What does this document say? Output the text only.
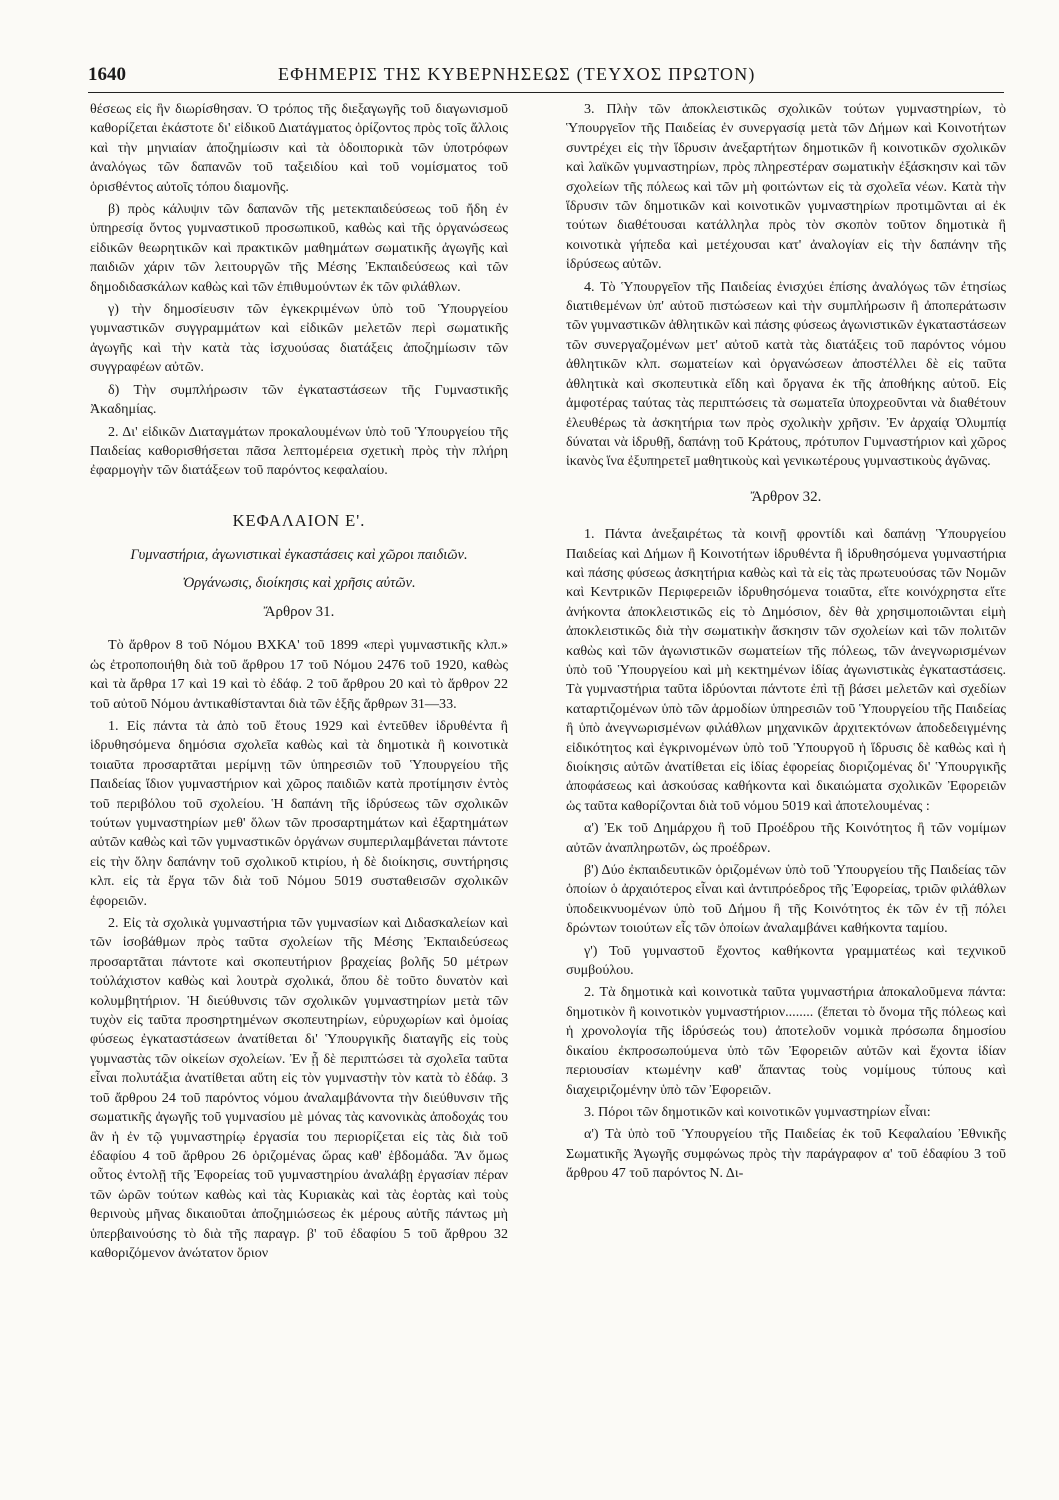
1640	ΕΦΗΜΕΡΙΣ ΤΗΣ ΚΥΒΕΡΝΗΣΕΩΣ (ΤΕΥΧΟΣ ΠΡΩΤΟΝ)

θέσεως εἰς ἣν διωρίσθησαν. Ὁ τρόπος τῆς διεξαγωγῆς τοῦ διαγωνισμοῦ καθορίζεται ἑκάστοτε δι' εἰδικοῦ Διατάγματος ὁρίζοντος πρὸς τοῖς ἄλλοις καὶ τὴν μηνιαίαν ἀποζημίωσιν καὶ τὰ ὁδοιπορικὰ τῶν ὑποτρόφων ἀναλόγως τῶν δαπανῶν τοῦ ταξειδίου καὶ τοῦ νομίσματος τοῦ ὁρισθέντος αὐτοῖς τόπου διαμονῆς.

β) πρὸς κάλυψιν τῶν δαπανῶν τῆς μετεκπαιδεύσεως τοῦ ἤδη ἐν ὑπηρεσίᾳ ὄντος γυμναστικοῦ προσωπικοῦ, καθὼς καὶ τῆς ὀργανώσεως εἰδικῶν θεωρητικῶν καὶ πρακτικῶν μαθημάτων σωματικῆς ἀγωγῆς καὶ παιδιῶν χάριν τῶν λειτουργῶν τῆς Μέσης Ἐκπαιδεύσεως καὶ τῶν δημοδιδασκάλων καθὼς καὶ τῶν ἐπιθυμούντων ἐκ τῶν φιλάθλων.

γ) τὴν δημοσίευσιν τῶν ἐγκεκριμένων ὑπὸ τοῦ Ὑπουργείου γυμναστικῶν συγγραμμάτων καὶ εἰδικῶν μελετῶν περὶ σωματικῆς ἀγωγῆς καὶ τὴν κατὰ τὰς ἰσχυούσας διατάξεις ἀποζημίωσιν τῶν συγγραφέων αὐτῶν.

δ) Τὴν συμπλήρωσιν τῶν ἐγκαταστάσεων τῆς Γυμναστικῆς Ἀκαδημίας.

2. Δι' εἰδικῶν Διαταγμάτων προκαλουμένων ὑπὸ τοῦ Ὑπουργείου τῆς Παιδείας καθορισθήσεται πᾶσα λεπτομέρεια σχετικὴ πρὸς τὴν πλήρη ἐφαρμογὴν τῶν διατάξεων τοῦ παρόντος κεφαλαίου.

ΚΕΦΑΛΑΙΟΝ Ε'.
Γυμναστήρια, ἀγωνιστικαὶ ἐγκαστάσεις καὶ χῶροι παιδιῶν.
Ὀργάνωσις, διοίκησις καὶ χρῆσις αὐτῶν.
Ἄρθρον 31.

Τὸ ἄρθρον 8 τοῦ Νόμου ΒΧΚΑ' τοῦ 1899 «περὶ γυμναστικῆς κλπ.» ὡς ἐτροποποιήθη διὰ τοῦ ἄρθρου 17 τοῦ Νόμου 2476 τοῦ 1920, καθὼς καὶ τὰ ἄρθρα 17 καὶ 19 καὶ τὸ ἐδάφ. 2 τοῦ ἄρθρου 20 καὶ τὸ ἄρθρον 22 τοῦ αὐτοῦ Νόμου ἀντικαθίστανται διὰ τῶν ἑξῆς ἄρθρων 31—33.

1. Εἰς πάντα τὰ ἀπὸ τοῦ ἔτους 1929 καὶ ἐντεῦθεν ἱδρυθέντα ἢ ἱδρυθησόμενα δημόσια σχολεῖα καθὼς καὶ τὰ δημοτικὰ ἢ κοινοτικὰ τοιαῦτα προσαρτᾶται μερίμνῃ τῶν ὑπηρεσιῶν τοῦ Ὑπουργείου τῆς Παιδείας ἴδιον γυμναστήριον καὶ χῶρος παιδιῶν κατὰ προτίμησιν ἐντὸς τοῦ περιβόλου τοῦ σχολείου. Ἡ δαπάνη τῆς ἱδρύσεως τῶν σχολικῶν τούτων γυμναστηρίων μεθ' ὅλων τῶν προσαρτημάτων καὶ ἐξαρτημάτων αὐτῶν καθὼς καὶ τῶν γυμναστικῶν ὀργάνων συμπεριλαμβάνεται πάντοτε εἰς τὴν ὅλην δαπάνην τοῦ σχολικοῦ κτιρίου, ἡ δὲ διοίκησις, συντήρησις κλπ. εἰς τὰ ἔργα τῶν διὰ τοῦ Νόμου 5019 συσταθεισῶν σχολικῶν ἐφορειῶν.

2. Εἰς τὰ σχολικὰ γυμναστήρια τῶν γυμνασίων καὶ Διδασκαλείων καὶ τῶν ἰσοβάθμων πρὸς ταῦτα σχολείων τῆς Μέσης Ἐκπαιδεύσεως προσαρτᾶται πάντοτε καὶ σκοπευτήριον βραχείας βολῆς 50 μέτρων τοὐλάχιστον καθὼς καὶ λουτρὰ σχολικά, ὅπου δὲ τοῦτο δυνατὸν καὶ κολυμβητήριον. Ἡ διεύθυνσις τῶν σχολικῶν γυμναστηρίων μετὰ τῶν τυχὸν εἰς ταῦτα προσηρτημένων σκοπευτηρίων, εὐρυχωρίων καὶ ὁμοίας φύσεως ἐγκαταστάσεων ἀνατίθεται δι' Ὑπουργικῆς διαταγῆς εἰς τοὺς γυμναστὰς τῶν οἰκείων σχολείων. Ἐν ᾗ δὲ περιπτώσει τὰ σχολεῖα ταῦτα εἶναι πολυτάξια ἀνατίθεται αὕτη εἰς τὸν γυμναστὴν τὸν κατὰ τὸ ἐδάφ. 3 τοῦ ἄρθρου 24 τοῦ παρόντος νόμου ἀναλαμβάνοντα τὴν διεύθυνσιν τῆς σωματικῆς ἀγωγῆς τοῦ γυμνασίου μὲ μόνας τὰς κανονικὰς ἀποδοχάς του ἂν ἡ ἐν τῷ γυμναστηρίῳ ἐργασία του περιορίζεται εἰς τὰς διὰ τοῦ ἐδαφίου 4 τοῦ ἄρθρου 26 ὁριζομένας ὥρας καθ' ἑβδομάδα. Ἂν ὅμως οὗτος ἐντολῇ τῆς Ἐφορείας τοῦ γυμναστηρίου ἀναλάβῃ ἐργασίαν πέραν τῶν ὡρῶν τούτων καθὼς καὶ τὰς Κυριακὰς καὶ τὰς ἑορτὰς καὶ τοὺς θερινοὺς μῆνας δικαιοῦται ἀποζημιώσεως ἐκ μέρους αὐτῆς πάντως μὴ ὑπερβαινούσης τὸ διὰ τῆς παραγρ. β' τοῦ ἐδαφίου 5 τοῦ ἄρθρου 32 καθοριζόμενον ἀνώτατον ὅριον

3. Πλὴν τῶν ἀποκλειστικῶς σχολικῶν τούτων γυμναστηρίων, τὸ Ὑπουργεῖον τῆς Παιδείας ἐν συνεργασίᾳ μετὰ τῶν Δήμων καὶ Κοινοτήτων συντρέχει εἰς τὴν ἵδρυσιν ἀνεξαρτήτων δημοτικῶν ἢ κοινοτικῶν σχολικῶν καὶ λαϊκῶν γυμναστηρίων, πρὸς πληρεστέραν σωματικὴν ἐξάσκησιν καὶ τῶν σχολείων τῆς πόλεως καὶ τῶν μὴ φοιτώντων εἰς τὰ σχολεῖα νέων. Κατὰ τὴν ἵδρυσιν τῶν δημοτικῶν καὶ κοινοτικῶν γυμναστηρίων προτιμῶνται αἱ ἐκ τούτων διαθέτουσαι κατάλληλα πρὸς τὸν σκοπὸν τοῦτον δημοτικὰ ἢ κοινοτικὰ γήπεδα καὶ μετέχουσαι κατ' ἀναλογίαν εἰς τὴν δαπάνην τῆς ἱδρύσεως αὐτῶν.

4. Τὸ Ὑπουργεῖον τῆς Παιδείας ἐνισχύει ἐπίσης ἀναλόγως τῶν ἐτησίως διατιθεμένων ὑπ' αὐτοῦ πιστώσεων καὶ τὴν συμπλήρωσιν ἢ ἀποπεράτωσιν τῶν γυμναστικῶν ἀθλητικῶν καὶ πάσης φύσεως ἀγωνιστικῶν ἐγκαταστάσεων τῶν συνεργαζομένων μετ' αὐτοῦ κατὰ τὰς διατάξεις τοῦ παρόντος νόμου ἀθλητικῶν κλπ. σωματείων καὶ ὀργανώσεων ἀποστέλλει δὲ εἰς ταῦτα ἀθλητικὰ καὶ σκοπευτικὰ εἴδη καὶ ὄργανα ἐκ τῆς ἀποθήκης αὐτοῦ. Εἰς ἀμφοτέρας ταύτας τὰς περιπτώσεις τὰ σωματεῖα ὑποχρεοῦνται νὰ διαθέτουν ἐλευθέρως τὰ ἀσκητήρια των πρὸς σχολικὴν χρῆσιν. Ἐν ἀρχαίᾳ Ὀλυμπίᾳ δύναται νὰ ἱδρυθῇ, δαπάνῃ τοῦ Κράτους, πρότυπον Γυμναστήριον καὶ χῶρος ἱκανὸς ἵνα ἐξυπηρετεῖ μαθητικοὺς καὶ γενικωτέρους γυμναστικοὺς ἀγῶνας.

Ἄρθρον 32.

1. Πάντα ἀνεξαιρέτως τὰ κοινῇ φροντίδι καὶ δαπάνῃ Ὑπουργείου Παιδείας καὶ Δήμων ἢ Κοινοτήτων ἱδρυθέντα ἢ ἱδρυθησόμενα γυμναστήρια καὶ πάσης φύσεως ἀσκητήρια καθὼς καὶ τὰ εἰς τὰς πρωτευούσας τῶν Νομῶν καὶ Κεντρικῶν Περιφερειῶν ἱδρυθησόμενα τοιαῦτα, εἴτε κοινόχρηστα εἴτε ἀνήκοντα ἀποκλειστικῶς εἰς τὸ Δημόσιον, δὲν θὰ χρησιμοποιῶνται εἰμὴ ἀποκλειστικῶς διὰ τὴν σωματικὴν ἄσκησιν τῶν σχολείων καὶ τῶν πολιτῶν καθὼς καὶ τῶν ἀγωνιστικῶν σωματείων τῆς πόλεως, τῶν ἀνεγνωρισμένων ὑπὸ τοῦ Ὑπουργείου καὶ μὴ κεκτημένων ἰδίας ἀγωνιστικὰς ἐγκαταστάσεις. Τὰ γυμναστήρια ταῦτα ἱδρύονται πάντοτε ἐπὶ τῇ βάσει μελετῶν καὶ σχεδίων καταρτιζομένων ὑπὸ τῶν ἁρμοδίων ὑπηρεσιῶν τοῦ Ὑπουργείου τῆς Παιδείας ἢ ὑπὸ ἀνεγνωρισμένων φιλάθλων μηχανικῶν ἀρχιτεκτόνων ἀποδεδειγμένης εἰδικότητος καὶ ἐγκρινομένων ὑπὸ τοῦ Ὑπουργοῦ ἡ ἵδρυσις δὲ καθὼς καὶ ἡ διοίκησις αὐτῶν ἀνατίθεται εἰς ἰδίας ἐφορείας διοριζομένας δι' Ὑπουργικῆς ἀποφάσεως καὶ ἀσκούσας καθήκοντα καὶ δικαιώματα σχολικῶν Ἐφορειῶν ὡς ταῦτα καθορίζονται διὰ τοῦ νόμου 5019 καὶ ἀποτελουμένας :

α') Ἐκ τοῦ Δημάρχου ἢ τοῦ Προέδρου τῆς Κοινότητος ἢ τῶν νομίμων αὐτῶν ἀναπληρωτῶν, ὡς προέδρων.

β') Δύο ἐκπαιδευτικῶν ὁριζομένων ὑπὸ τοῦ Ὑπουργείου τῆς Παιδείας τῶν ὁποίων ὁ ἀρχαιότερος εἶναι καὶ ἀντιπρόεδρος τῆς Ἐφορείας, τριῶν φιλάθλων ὑποδεικνυομένων ὑπὸ τοῦ Δήμου ἢ τῆς Κοινότητος ἐκ τῶν ἐν τῇ πόλει δρώντων τοιούτων εἷς τῶν ὁποίων ἀναλαμβάνει καθήκοντα ταμίου.

γ') Τοῦ γυμναστοῦ ἔχοντος καθήκοντα γραμματέως καὶ τεχνικοῦ συμβούλου.

2. Τὰ δημοτικὰ καὶ κοινοτικὰ ταῦτα γυμναστήρια ἀποκαλοῦμενα πάντα: δημοτικὸν ἢ κοινοτικὸν γυμναστήριον........ (ἕπεται τὸ ὄνομα τῆς πόλεως καὶ ἡ χρονολογία τῆς ἱδρύσεώς του) ἀποτελοῦν νομικὰ πρόσωπα δημοσίου δικαίου ἐκπροσωπούμενα ὑπὸ τῶν Ἐφορειῶν αὐτῶν καὶ ἔχοντα ἰδίαν περιουσίαν κτωμένην καθ' ἅπαντας τοὺς νομίμους τύπους καὶ διαχειριζομένην ὑπὸ τῶν Ἐφορειῶν.

3. Πόροι τῶν δημοτικῶν καὶ κοινοτικῶν γυμναστηρίων εἶναι:

α') Τὰ ὑπὸ τοῦ Ὑπουργείου τῆς Παιδείας ἐκ τοῦ Κεφαλαίου Ἐθνικῆς Σωματικῆς Ἀγωγῆς συμφώνως πρὸς τὴν παράγραφον α' τοῦ ἐδαφίου 3 τοῦ ἄρθρου 47 τοῦ παρόντος Ν. Δι-
